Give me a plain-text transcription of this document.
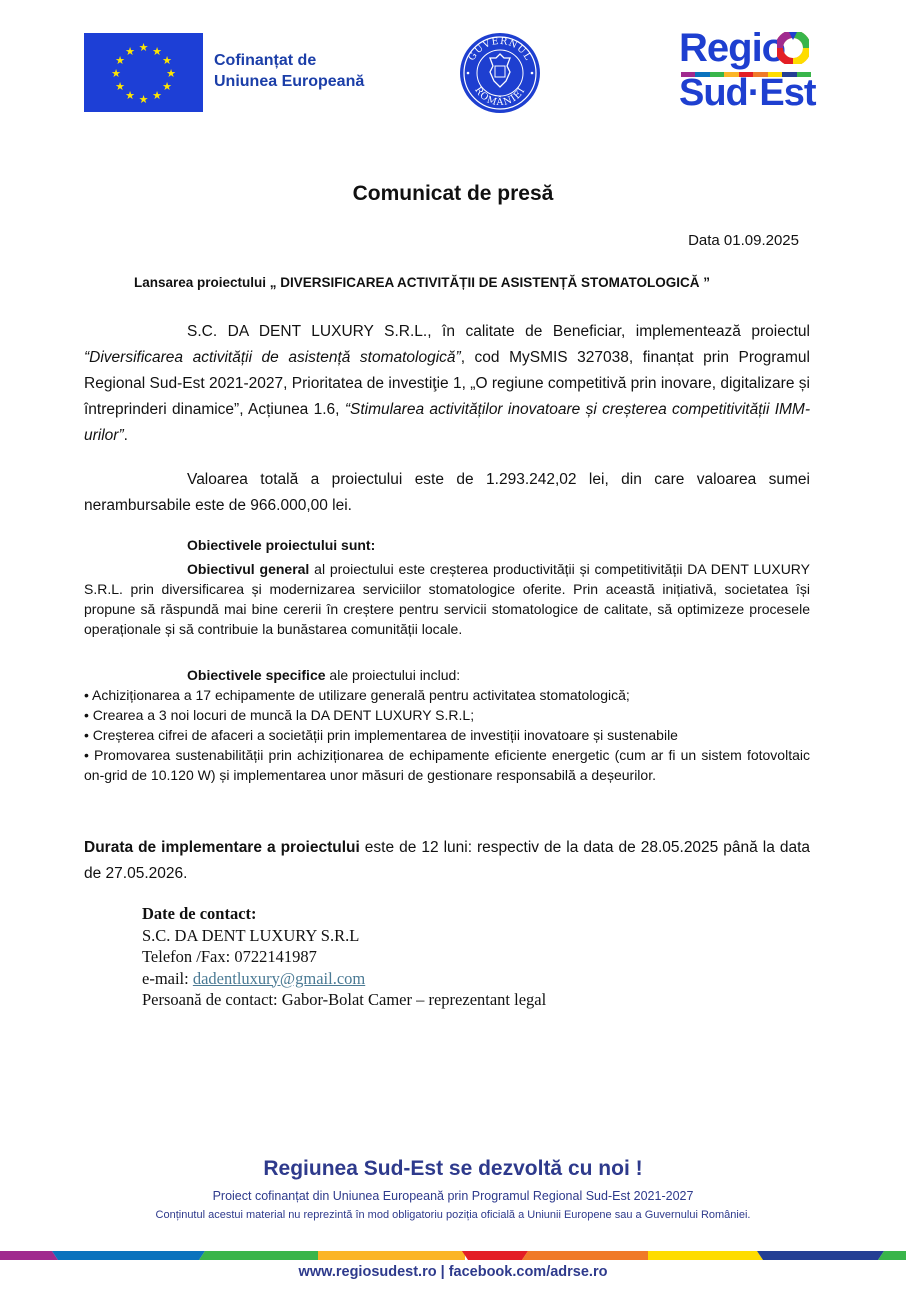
★ ★
★
★
★
★
★
★
★
★
★
★
Cofinanțat de
Uniunea Europeană
GUVERNUL
ROMÂNIEI
Regio
Sud·Est
Comunicat de presă
Data 01.09.2025
Lansarea proiectului „ DIVERSIFICAREA ACTIVITĂȚII DE ASISTENȚĂ STOMATOLOGICĂ ”
S.C. DA DENT LUXURY S.R.L., în calitate de Beneficiar, implementează proiectul “Diversificarea activității de asistență stomatologică”, cod MySMIS 327038, finanțat prin Programul Regional Sud-Est 2021-2027, Prioritatea de investiţie 1, „O regiune competitivă prin inovare, digitalizare și întreprinderi dinamice”, Acțiunea 1.6, “Stimularea activităților inovatoare și creșterea competitivității IMM-urilor”.
Valoarea totală a proiectului este de 1.293.242,02 lei, din care valoarea sumei nerambursabile este de 966.000,00 lei.
Obiectivele proiectului sunt:
Obiectivul general al proiectului este creșterea productivității și competitivității DA DENT LUXURY S.R.L. prin diversificarea și modernizarea serviciilor stomatologice oferite. Prin această inițiativă, societatea își propune să răspundă mai bine cererii în creștere pentru servicii stomatologice de calitate, să optimizeze procesele operaționale și să contribuie la bunăstarea comunității locale.
Obiectivele specifice ale proiectului includ:
• Achiziționarea a 17 echipamente de utilizare generală pentru activitatea stomatologică;
• Crearea a 3 noi locuri de muncă la DA DENT LUXURY S.R.L;
• Creșterea cifrei de afaceri a societății prin implementarea de investiții inovatoare și sustenabile
• Promovarea sustenabilității prin achiziționarea de echipamente eficiente energetic (cum ar fi un sistem fotovoltaic on-grid de 10.120 W) și implementarea unor măsuri de gestionare responsabilă a deșeurilor.
Durata de implementare a proiectului este de 12 luni: respectiv de la data de 28.05.2025 până la data de 27.05.2026.
Date de contact:
S.C. DA DENT LUXURY S.R.L
Telefon /Fax: 0722141987
e-mail: dadentluxury@gmail.com
Persoană de contact: Gabor-Bolat Camer – reprezentant legal
Regiunea Sud-Est se dezvoltă cu noi !
Proiect cofinanțat din Uniunea Europeană prin Programul Regional Sud-Est 2021-2027
Conținutul acestui material nu reprezintă în mod obligatoriu poziția oficială a Uniunii Europene sau a Guvernului României.
www.regiosudest.ro | facebook.com/adrse.ro
